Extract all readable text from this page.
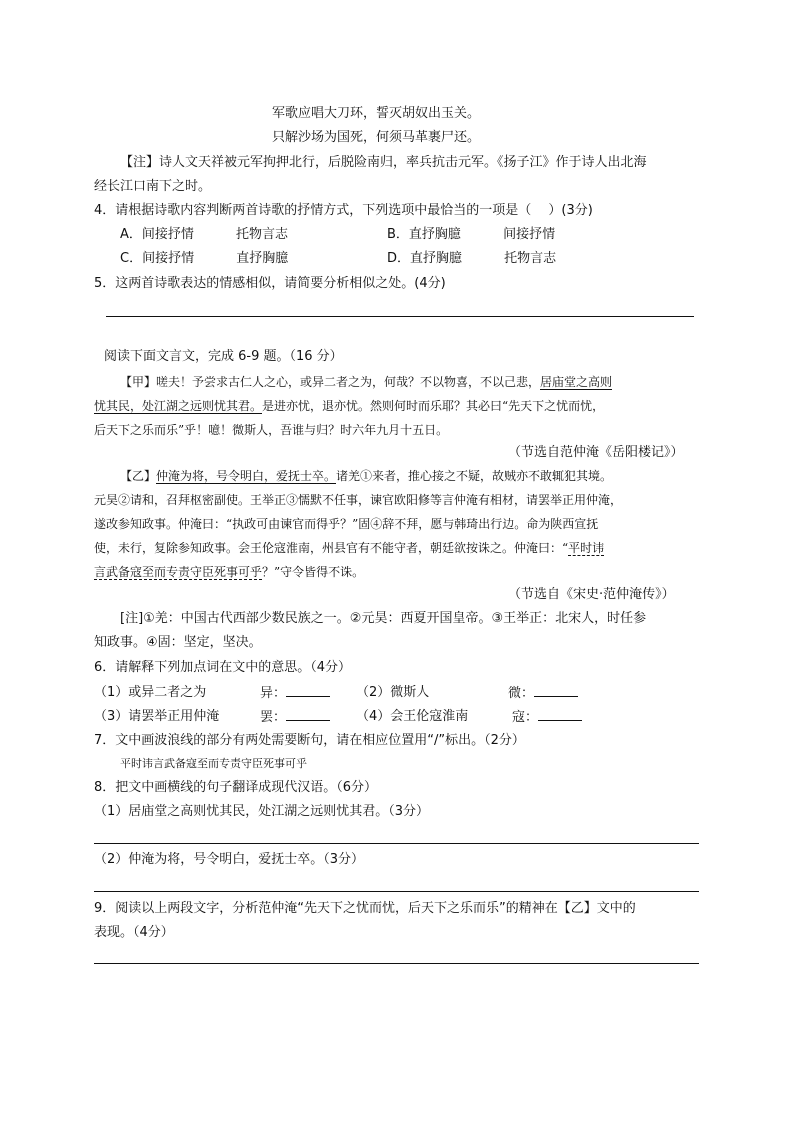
军歌应唱大刀环，誓灭胡奴出玉关。
只解沙场为国死，何须马革裹尸还。
【注】诗人文天祥被元军拘押北行，后脱险南归，率兵抗击元军。《扬子江》作于诗人出北海
经长江口南下之时。
4．请根据诗歌内容判断两首诗歌的抒情方式，下列选项中最恰当的一项是（　 ）(3分)
A．间接抒情	托物言志	B．直抒胸臆	间接抒情
C．间接抒情	直抒胸臆	D．直抒胸臆	托物言志
5．这两首诗歌表达的情感相似，请简要分析相似之处。(4分)
阅读下面文言文，完成 6-9 题。（16 分）
【甲】嗟夫！予尝求古仁人之心，或异二者之为，何哉？不以物喜，不以己悲，居庙堂之高则
忧其民，处江湖之远则忧其君。是进亦忧，退亦忧。然则何时而乐耶？其必曰“先天下之忧而忧，
后天下之乐而乐”乎！噫！微斯人，吾谁与归？时六年九月十五日。
（节选自范仲淹《岳阳楼记》）
【乙】仲淹为将，号令明白，爱抚士卒。诸羌①来者，推心接之不疑，故贼亦不敢辄犯其境。
元昊②请和，召拜枢密副使。王举正③懦默不任事，谏官欧阳修等言仲淹有相材，请罢举正用仲淹，
遂改参知政事。仲淹曰：“执政可由谏官而得乎？”固④辞不拜，愿与韩琦出行边。命为陕西宣抚
使，未行，复除参知政事。会王伦寇淮南，州县官有不能守者，朝廷欲按诛之。仲淹曰：“平时讳
言武备寇至而专责守臣死事可乎？”守令皆得不诛。
（节选自《宋史·范仲淹传》）
[注]①羌：中国古代西部少数民族之一。②元昊：西夏开国皇帝。③王举正：北宋人，时任参
知政事。④固：坚定，坚决。
6．请解释下列加点词在文中的意思。（4分）
（1）或异二者之为	异：	（2）微斯人	微：
（3）请罢举正用仲淹	罢：	（4）会王伦寇淮南	寇：
7．文中画波浪线的部分有两处需要断句，请在相应位置用“/”标出。（2分）
平时讳言武备寇至而专责守臣死事可乎
8．把文中画横线的句子翻译成现代汉语。（6分）
（1）居庙堂之高则忧其民，处江湖之远则忧其君。（3分）
（2）仲淹为将，号令明白，爱抚士卒。（3分）
9．阅读以上两段文字，分析范仲淹“先天下之忧而忧，后天下之乐而乐”的精神在【乙】文中的
表现。（4分）
